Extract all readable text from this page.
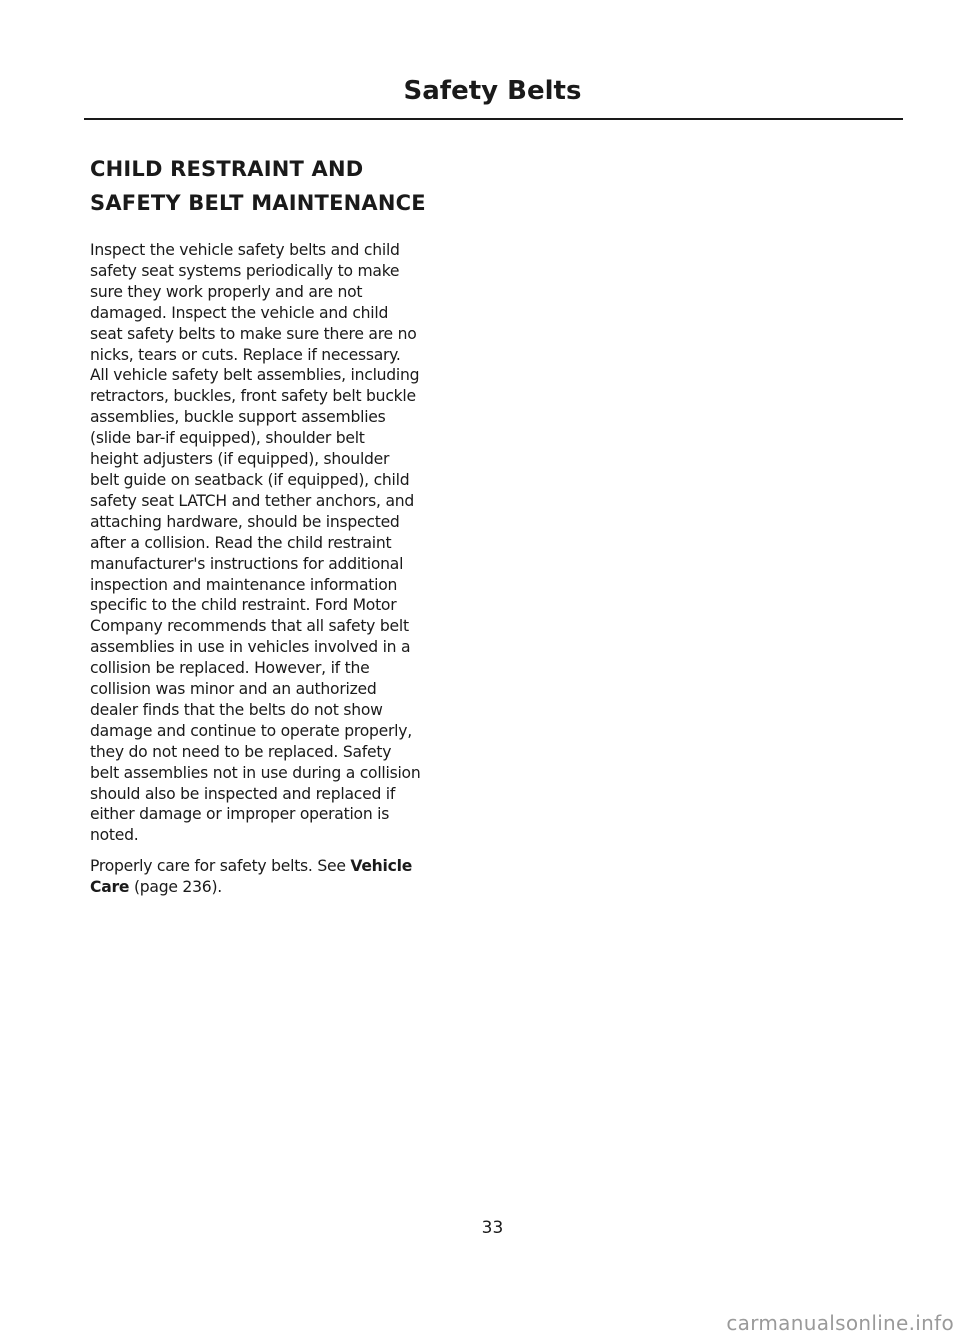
Safety Belts
CHILD RESTRAINT AND
SAFETY BELT MAINTENANCE

Inspect the vehicle safety belts and child
safety seat systems periodically to make
sure they work properly and are not
damaged. Inspect the vehicle and child
seat safety belts to make sure there are no
nicks, tears or cuts. Replace if necessary.
All vehicle safety belt assemblies, including
retractors, buckles, front safety belt buckle
assemblies, buckle support assemblies
(slide bar-if equipped), shoulder belt
height adjusters (if equipped), shoulder
belt guide on seatback (if equipped), child
safety seat LATCH and tether anchors, and
attaching hardware, should be inspected
after a collision. Read the child restraint
manufacturer's instructions for additional
inspection and maintenance information
specific to the child restraint. Ford Motor
Company recommends that all safety belt
assemblies in use in vehicles involved in a
collision be replaced. However, if the
collision was minor and an authorized
dealer finds that the belts do not show
damage and continue to operate properly,
they do not need to be replaced. Safety
belt assemblies not in use during a collision
should also be inspected and replaced if
either damage or improper operation is
noted.

Properly care for safety belts. See Vehicle
Care (page 236).

33
carmanualsonline.info
